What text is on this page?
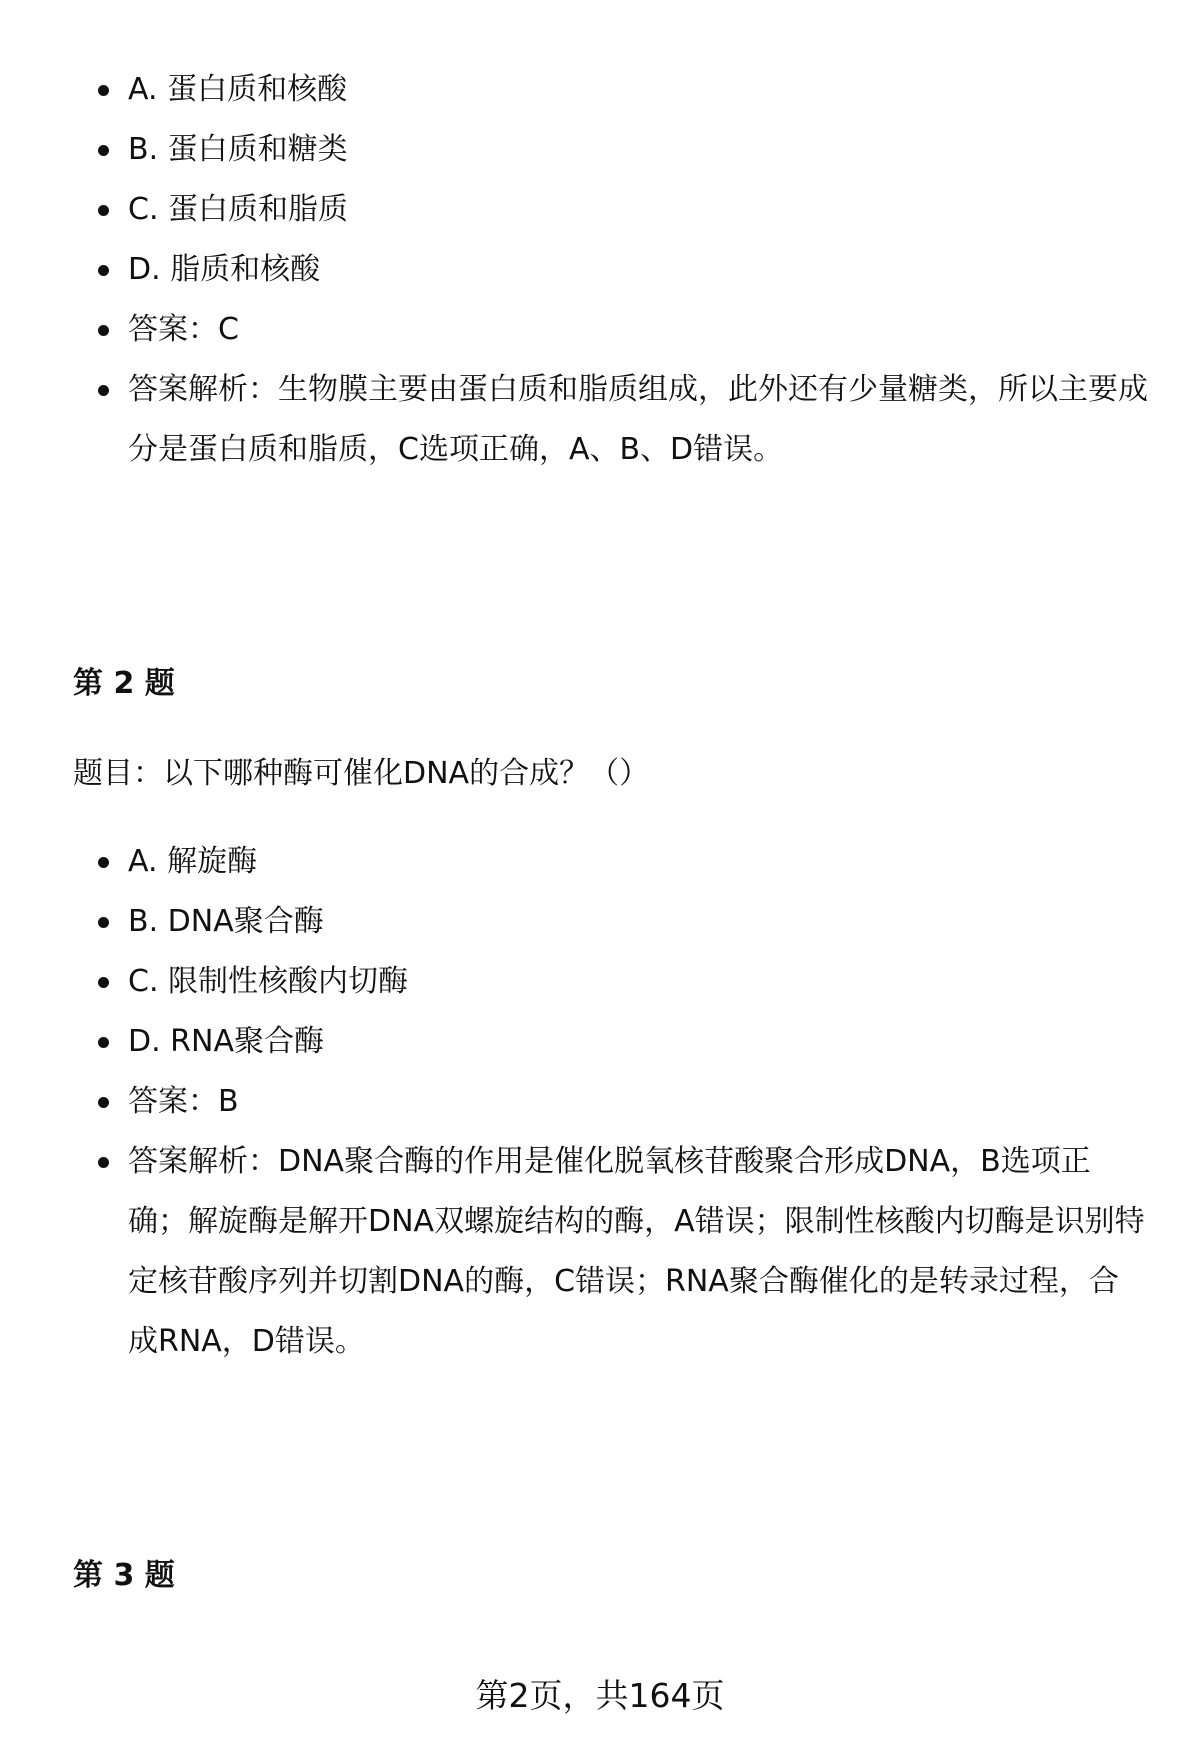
A. 蛋白质和核酸
B. 蛋白质和糖类
C. 蛋白质和脂质
D. 脂质和核酸
答案：C
答案解析：生物膜主要由蛋白质和脂质组成，此外还有少量糖类，所以主要成分是蛋白质和脂质，C选项正确，A、B、D错误。
第 2 题
题目：以下哪种酶可催化DNA的合成？（）
A. 解旋酶
B. DNA聚合酶
C. 限制性核酸内切酶
D. RNA聚合酶
答案：B
答案解析：DNA聚合酶的作用是催化脱氧核苷酸聚合形成DNA，B选项正确；解旋酶是解开DNA双螺旋结构的酶，A错误；限制性核酸内切酶是识别特定核苷酸序列并切割DNA的酶，C错误；RNA聚合酶催化的是转录过程，合成RNA，D错误。
第 3 题
第2页，共164页
